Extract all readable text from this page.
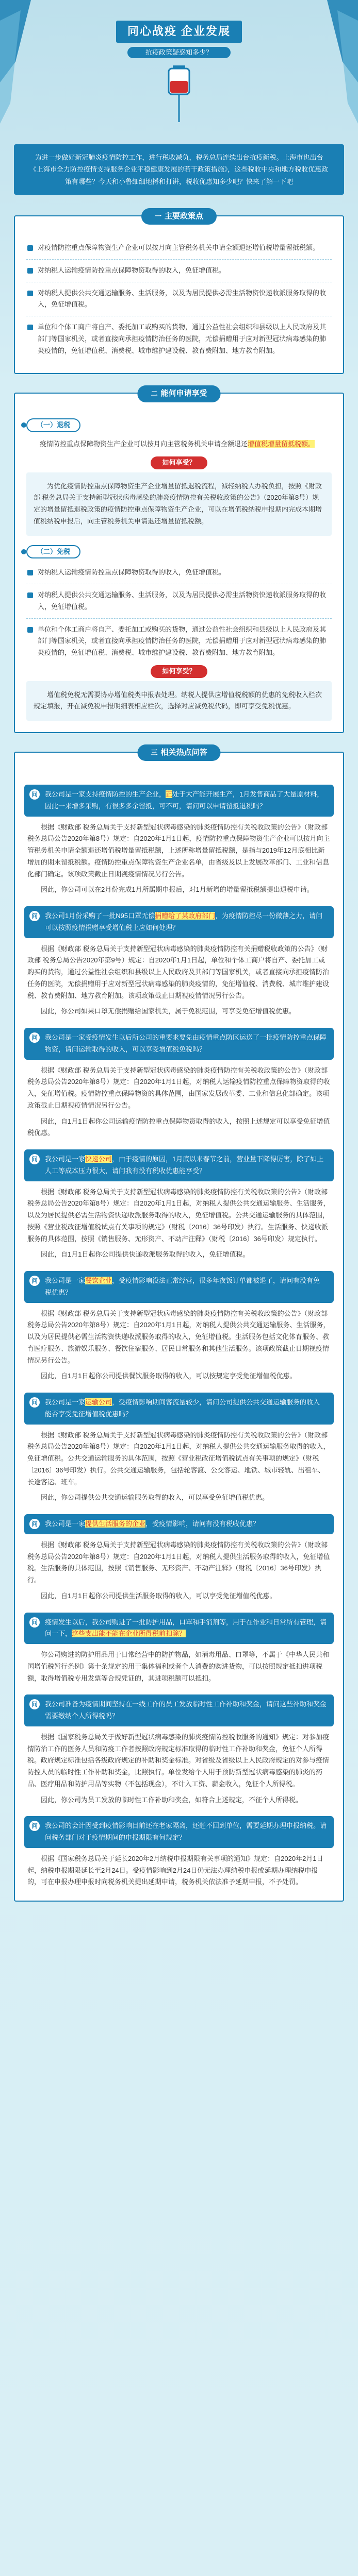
同心战疫 企业发展
抗疫政策疑惑知多少？
为进一步做好新冠肺炎疫情防控工作，进行税收减负，税务总局连续出台抗疫新税。上海市也出台《上海市全力防控疫情支持服务企业平稳健康发展的若干政策措施》，这些税收中央和地方税收优惠政策有哪些？今天和小鲁细细地捋和打讲，税收优惠知多少吧？快来了解一下吧
一 主要政策点
对疫情防控重点保障物资生产企业可以按月向主管税务机关申请全额退还增值税增量留抵税额。
对纳税人运输疫情防控重点保障物资取得的收入，免征增值税。
对纳税人提供公共交通运输服务、生活服务，以及为居民提供必需生活物资快递收派服务取得的收入，免征增值税。
单位和个体工商户将自产、委托加工或购买的货物，通过公益性社会组织和县级以上人民政府及其部门等国家机关，或者直接向承担疫情防治任务的医院，无偿捐赠用于应对新型冠状病毒感染的肺炎疫情的，免征增值税、消费税、城市维护建设税、教育费附加、地方教育附加。
二 能何申请享受
（一）退税
疫情防控重点保障物资生产企业可以按月向主管税务机关申请全额退还增值税增量留抵税额。
如何享受？
为优化疫情防控重点保障物资生产企业增量留抵退税流程，减轻纳税人办税负担，按照《财政部 税务总局关于支持新型冠状病毒感染的肺炎疫情防控有关税收政策的公告》（2020年第8号）规定的增量留抵退税政策的疫情防控重点保障物资生产企业，可以在增值税纳税申报期内完成本期增值税纳税申报后，向主管税务机关申请退还增量留抵税额。
（二）免税
对纳税人运输疫情防控重点保障物资取得的收入，免征增值税。
对纳税人提供公共交通运输服务、生活服务，以及为居民提供必需生活物资快递收派服务取得的收入，免征增值税。
单位和个体工商户将自产、委托加工或购买的货物，通过公益性社会组织和县级以上人民政府及其部门等国家机关，或者直接向承担疫情防治任务的医院，无偿捐赠用于应对新型冠状病毒感染的肺炎疫情的，免征增值税、消费税、城市维护建设税、教育费附加、地方教育附加。
如何享受？
增值税免税无需要协办增值税类申报表处理。纳税人提供应增值税税额的优惠的免税收入栏次规定填报，开在减免税申报明细表相应栏次，选择对应减免税代码，即可享受免税优惠。
三 相关热点问答
问	我公司是一家支持疫情防控的生产企业，正处于大产能开展生产，1月发售商品了大量原材料，因此一来增多采购，有很多多余留抵，可不可，请问可以申请留抵退税吗？
根据《财政部 税务总局关于支持新型冠状病毒感染的肺炎疫情防控有关税收政策的公告》（财政部 税务总局公告2020年第8号）规定：自2020年1月1日起，疫情防控重点保障物资生产企业可以按月向主管税务机关申请全额退还增值税增量留抵税额，上述所称增量留抵税额，是指与2019年12月底相比新增加的期末留抵税额。疫情防控重点保障物资生产企业名单，由省级及以上发展改革部门、工业和信息化部门确定。该项政策截止日期视疫情情况另行公告。
因此，你公司可以在2月份完成1月所属期申报后，对1月新增的增量留抵税额提出退税申请。
问	我公司1月份采购了一批N95口罩无偿捐赠给了某政府部门，为疫情防控尽一份微薄之力，请问可以按照疫情捐赠享受增值税上应如何处理？
根据《财政部 税务总局关于支持新型冠状病毒感染的肺炎疫情防控有关捐赠税收政策的公告》（财政部 税务总局公告2020年第9号）规定：自2020年1月1日起，单位和个体工商户将自产、委托加工或购买的货物，通过公益性社会组织和县级以上人民政府及其部门等国家机关，或者直接向承担疫情防治任务的医院，无偿捐赠用于应对新型冠状病毒感染的肺炎疫情的，免征增值税、消费税、城市维护建设税、教育费附加、地方教育附加。该项政策截止日期视疫情情况另行公告。
因此，你公司如果口罩无偿捐赠给国家机关，属于免税范围，可享受免征增值税优惠。
问	我公司是一家受疫情发生以后所公司的重要求要免由疫情重点防区运送了一批疫情防控重点保障物资，请问运输取得的收入，可以享受增值税免税吗？
根据《财政部 税务总局关于支持新型冠状病毒感染的肺炎疫情防控有关税收政策的公告》（财政部 税务总局公告2020年第8号）规定：自2020年1月1日起，对纳税人运输疫情防控重点保障物资取得的收入，免征增值税。疫情防控重点保障物资的具体范围，由国家发展改革委、工业和信息化部确定。该项政策截止日期视疫情情况另行公告。
因此，自1月1日起你公司运输疫情防控重点保障物资取得的收入，按照上述规定可以享受免征增值税优惠。
问	我公司是一家快递公司，由于疫情的原因，1月底以来春节之前，营业量下降得厉害，除了如上人工等成本压力很大，请问我有没有税收优惠能享受？
根据《财政部 税务总局关于支持新型冠状病毒感染的肺炎疫情防控有关税收政策的公告》（财政部 税务总局公告2020年第8号）规定：自2020年1月1日起，对纳税人提供公共交通运输服务、生活服务，以及为居民提供必需生活物资快递收派服务取得的收入，免征增值税。公共交通运输服务的具体范围，按照《营业税改征增值税试点有关事项的规定》（财税〔2016〕36号印发）执行。生活服务、快递收派服务的具体范围，按照《销售服务、无形资产、不动产注释》（财税〔2016〕36号印发）规定执行。
因此，自1月1日起你公司提供快递收派服务取得的收入，免征增值税。
问	我公司是一家餐饮企业，受疫情影响没法正常经营，很多年夜饭订单都被退了，请问有没有免税优惠？
根据《财政部 税务总局关于支持新型冠状病毒感染的肺炎疫情防控有关税收政策的公告》（财政部 税务总局公告2020年第8号）规定：自2020年1月1日起，对纳税人提供公共交通运输服务、生活服务，以及为居民提供必需生活物资快递收派服务取得的收入，免征增值税。生活服务包括文化体育服务、教育医疗服务、旅游娱乐服务、餐饮住宿服务、居民日常服务和其他生活服务。该项政策截止日期视疫情情况另行公告。
因此，自1月1日起你公司提供餐饮服务取得的收入，可以按规定享受免征增值税优惠。
问	我公司是一家运输公司，受疫情影响期间客流量较少，请问公司提供公共交通运输服务的收入能否享受免征增值税优惠吗？
根据《财政部 税务总局关于支持新型冠状病毒感染的肺炎疫情防控有关税收政策的公告》（财政部 税务总局公告2020年第8号）规定：自2020年1月1日起，对纳税人提供公共交通运输服务取得的收入，免征增值税。公共交通运输服务的具体范围，按照《营业税改征增值税试点有关事项的规定》（财税〔2016〕36号印发）执行。公共交通运输服务，包括轮客渡、公交客运、地铁、城市轻轨、出租车、长途客运、班车。
因此，你公司提供公共交通运输服务取得的收入，可以享受免征增值税优惠。
问	我公司是一家提供生活服务的企业，受疫情影响，请问有没有税收优惠？
根据《财政部 税务总局关于支持新型冠状病毒感染的肺炎疫情防控有关税收政策的公告》（财政部 税务总局公告2020年第8号）规定：自2020年1月1日起，对纳税人提供生活服务取得的收入，免征增值税。生活服务的具体范围，按照《销售服务、无形资产、不动产注释》（财税〔2016〕36号印发）执行。
因此，自1月1日起你公司提供生活服务取得的收入，可以享受免征增值税优惠。
问	疫情发生以后，我公司购进了一批防护用品，口罩和手消剂等，用于在作业和日常所有管理，请问一下，这些支出能不能在企业所得税前扣除？
你公司购进的防护用品用于日常经营中的防护物品，如消毒用品、口罩等，不属于《中华人民共和国增值税暂行条例》第十条规定的用于集体福利或者个人消费的购进货物，可以按照规定抵扣进项税额，取得增值税专用发票等合规凭证的，其进项税额可以抵扣。
问	我公司准备为疫情期间坚持在一线工作的员工发放临时性工作补助和奖金，请问这些补助和奖金需要缴纳个人所得税吗？
根据《国家税务总局关于做好新型冠状病毒感染的肺炎疫情防控税收服务的通知》规定：对参加疫情防治工作的医务人员和防疫工作者按照政府规定标准取得的临时性工作补助和奖金，免征个人所得税。政府规定标准包括各级政府规定的补助和奖金标准。对省级及省级以上人民政府规定的对参与疫情防控人员的临时性工作补助和奖金，比照执行。单位发给个人用于预防新型冠状病毒感染的肺炎的药品、医疗用品和防护用品等实物（不包括现金），不计入工资、薪金收入，免征个人所得税。
因此，你公司为员工发放的临时性工作补助和奖金，如符合上述规定，不征个人所得税。
问	我公司的会计因受到疫情影响目前还在老家隔离，还赶不回到单位，需要延期办理申报纳税。请问税务部门对于疫情期间的申报期限有何规定？
根据《国家税务总局关于延长2020年2月纳税申报期限有关事项的通知》规定：自2020年2月1日起，纳税申报期限延长至2月24日。受疫情影响到2月24日仍无法办理纳税申报或延期办理纳税申报的，可在申报办理申报时向税务机关提出延期申请，税务机关依法准予延期申报，不予处罚。
